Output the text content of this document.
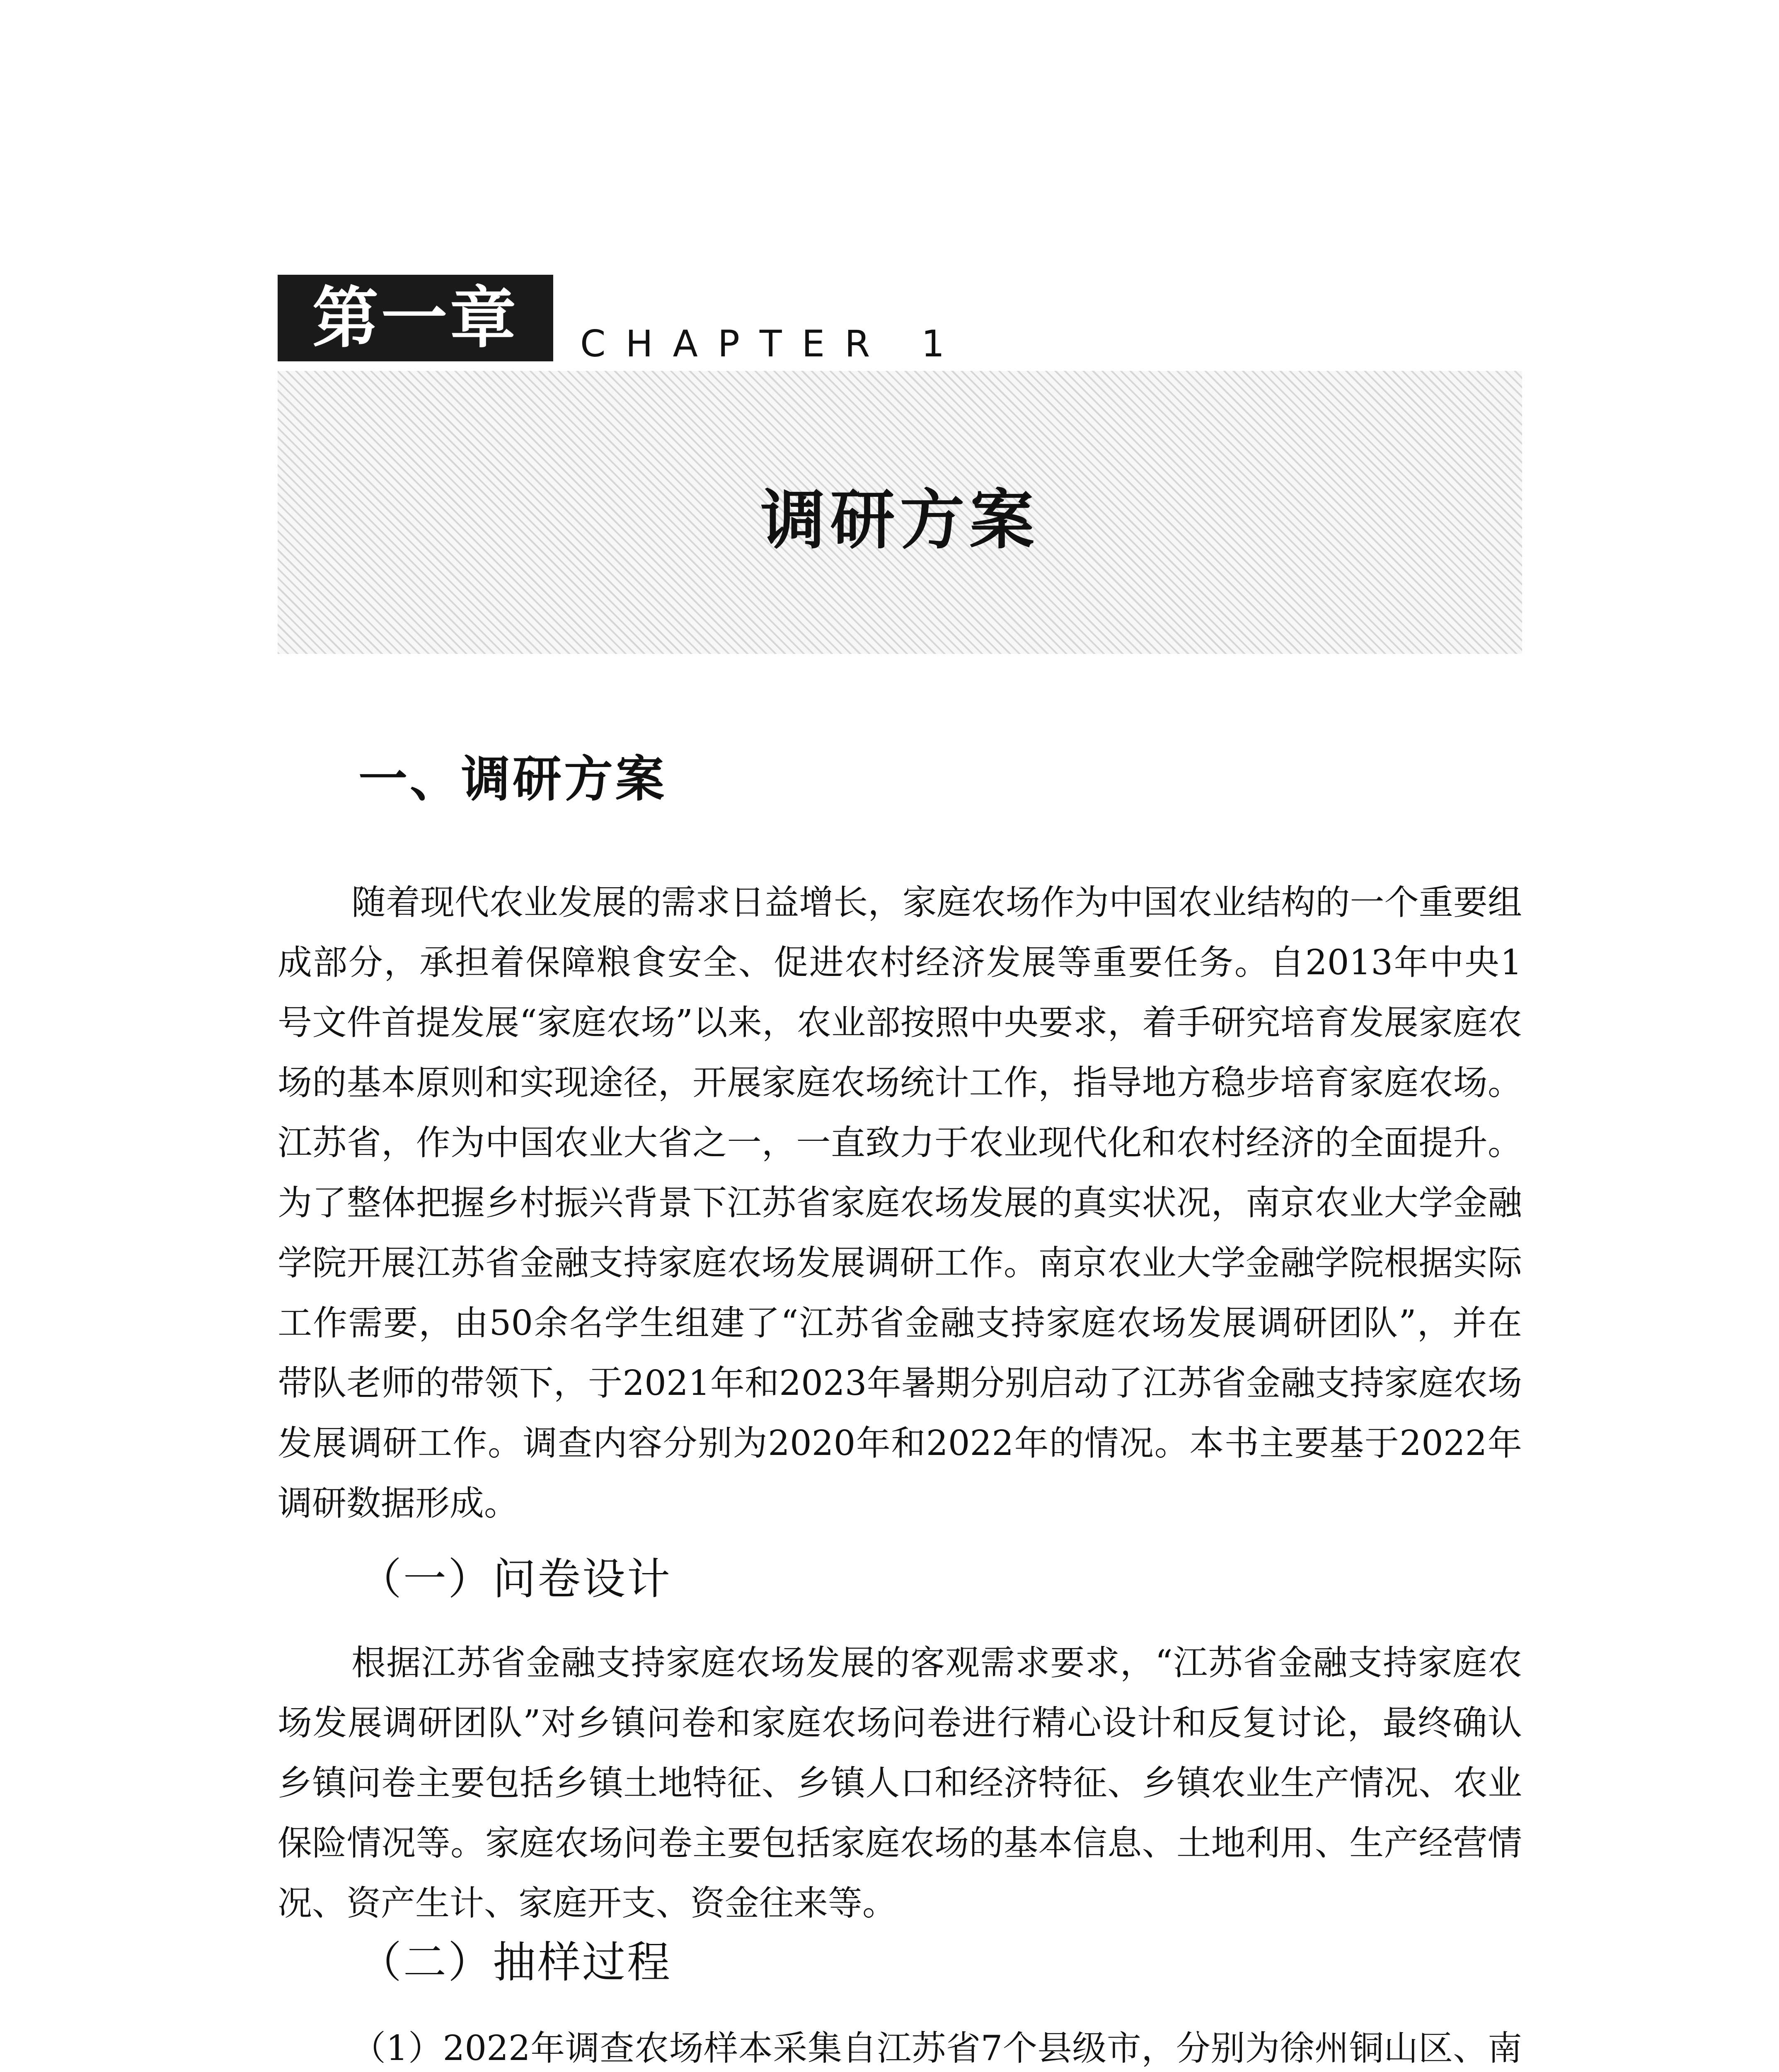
第一章	CHAPTER 1
调研方案
一、调研方案

随着现代农业发展的需求日益增长，家庭农场作为中国农业结构的一个重要组成部分，承担着保障粮食安全、促进农村经济发展等重要任务。自2013年中央1号文件首提发展“家庭农场”以来，农业部按照中央要求，着手研究培育发展家庭农场的基本原则和实现途径，开展家庭农场统计工作，指导地方稳步培育家庭农场。江苏省，作为中国农业大省之一，一直致力于农业现代化和农村经济的全面提升。为了整体把握乡村振兴背景下江苏省家庭农场发展的真实状况，南京农业大学金融学院开展江苏省金融支持家庭农场发展调研工作。南京农业大学金融学院根据实际工作需要，由50余名学生组建了“江苏省金融支持家庭农场发展调研团队”，并在带队老师的带领下，于2021年和2023年暑期分别启动了江苏省金融支持家庭农场发展调研工作。调查内容分别为2020年和2022年的情况。本书主要基于2022年调研数据形成。

（一）问卷设计

根据江苏省金融支持家庭农场发展的客观需求要求，“江苏省金融支持家庭农场发展调研团队”对乡镇问卷和家庭农场问卷进行精心设计和反复讨论，最终确认乡镇问卷主要包括乡镇土地特征、乡镇人口和经济特征、乡镇农业生产情况、农业保险情况等。家庭农场问卷主要包括家庭农场的基本信息、土地利用、生产经营情况、资产生计、家庭开支、资金往来等。

（二）抽样过程

（1）2022年调查农场样本采集自江苏省7个县级市，分别为徐州铜山区、南
